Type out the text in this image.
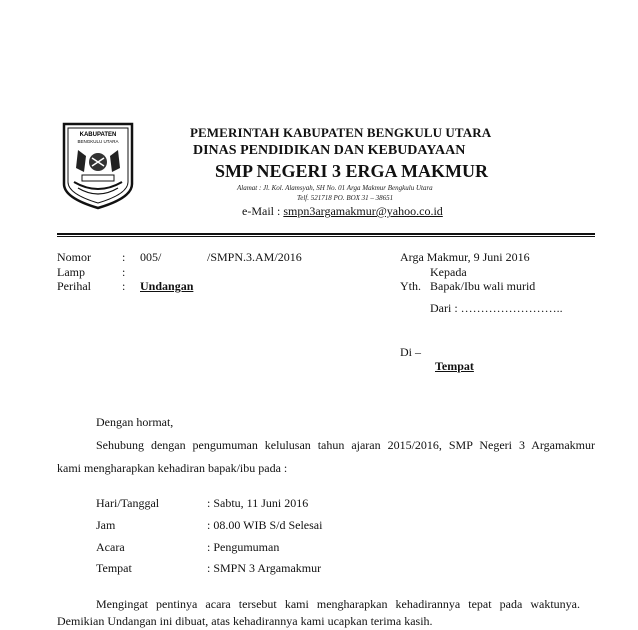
KABUPATEN
BENGKULU UTARA
PEMERINTAH KABUPATEN BENGKULU UTARA
DINAS PENDIDIKAN DAN KEBUDAYAAN
SMP NEGERI 3 ERGA MAKMUR
Alamat : Jl. Kol. Alamsyah, SH No. 01 Arga Makmur Bengkulu Utara
Telf. 521718 PO. BOX 31 – 38651
e-Mail : smpn3argamakmur@yahoo.co.id
Nomor	: 005/	/SMPN.3.AM/2016
Lamp	:
Perihal	: Undangan
Arga Makmur, 9 Juni 2016
Kepada
Yth. Bapak/Ibu wali murid
Dari : ……………………..
Di –
Tempat
Dengan hormat,
Sehubung dengan pengumuman kelulusan tahun ajaran 2015/2016, SMP Negeri 3 Argamakmur
kami mengharapkan kehadiran bapak/ibu pada :
Hari/Tanggal	: Sabtu, 11 Juni 2016
Jam	: 08.00 WIB S/d Selesai
Acara	: Pengumuman
Tempat	: SMPN 3 Argamakmur
Mengingat pentinya acara tersebut kami mengharapkan kehadirannya tepat pada waktunya.
Demikian Undangan ini dibuat, atas kehadirannya kami ucapkan terima kasih.
